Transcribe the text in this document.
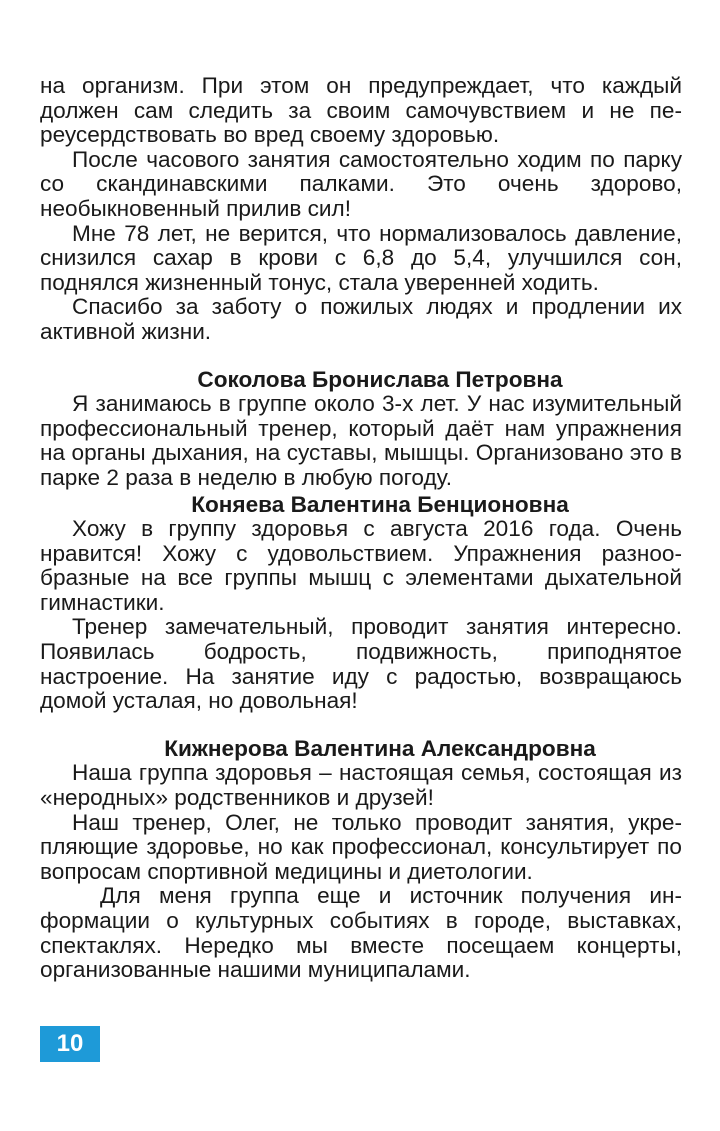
на организм. При этом он предупреждает, что каждый должен сам следить за своим самочувствием и не переусердствовать во вред своему здоровью.

После часового занятия самостоятельно ходим по парку со скандинавскими палками. Это очень здорово, необыкновенный прилив сил!

Мне 78 лет, не верится, что нормализовалось давление, снизился сахар в крови с 6,8 до 5,4, улучшился сон, поднялся жизненный тонус, стала уверенней ходить.

Спасибо за заботу о пожилых людях и продлении их активной жизни.

Соколова Бронислава Петровна

Я занимаюсь в группе около 3-х лет. У нас изумительный профессиональный тренер, который даёт нам упражнения на органы дыхания, на суставы, мышцы. Организовано это в парке 2 раза в неделю в любую погоду.

Коняева Валентина Бенционовна

Хожу в группу здоровья с августа 2016 года. Очень нравится! Хожу с удовольствием. Упражнения разнообразные на все группы мышц с элементами дыхательной гимнастики.

Тренер замечательный, проводит занятия интересно. Появилась бодрость, подвижность, приподнятое настроение. На занятие иду с радостью, возвращаюсь домой усталая, но довольная!

Кижнерова Валентина Александровна

Наша группа здоровья – настоящая семья, состоящая из «неродных» родственников и друзей!

Наш тренер, Олег, не только проводит занятия, укрепляющие здоровье, но как профессионал, консультирует по вопросам спортивной медицины и диетологии.

Для меня группа еще и источник получения информации о культурных событиях в городе, выставках, спектаклях. Нередко мы вместе посещаем концерты, организованные нашими муниципалами.

10
